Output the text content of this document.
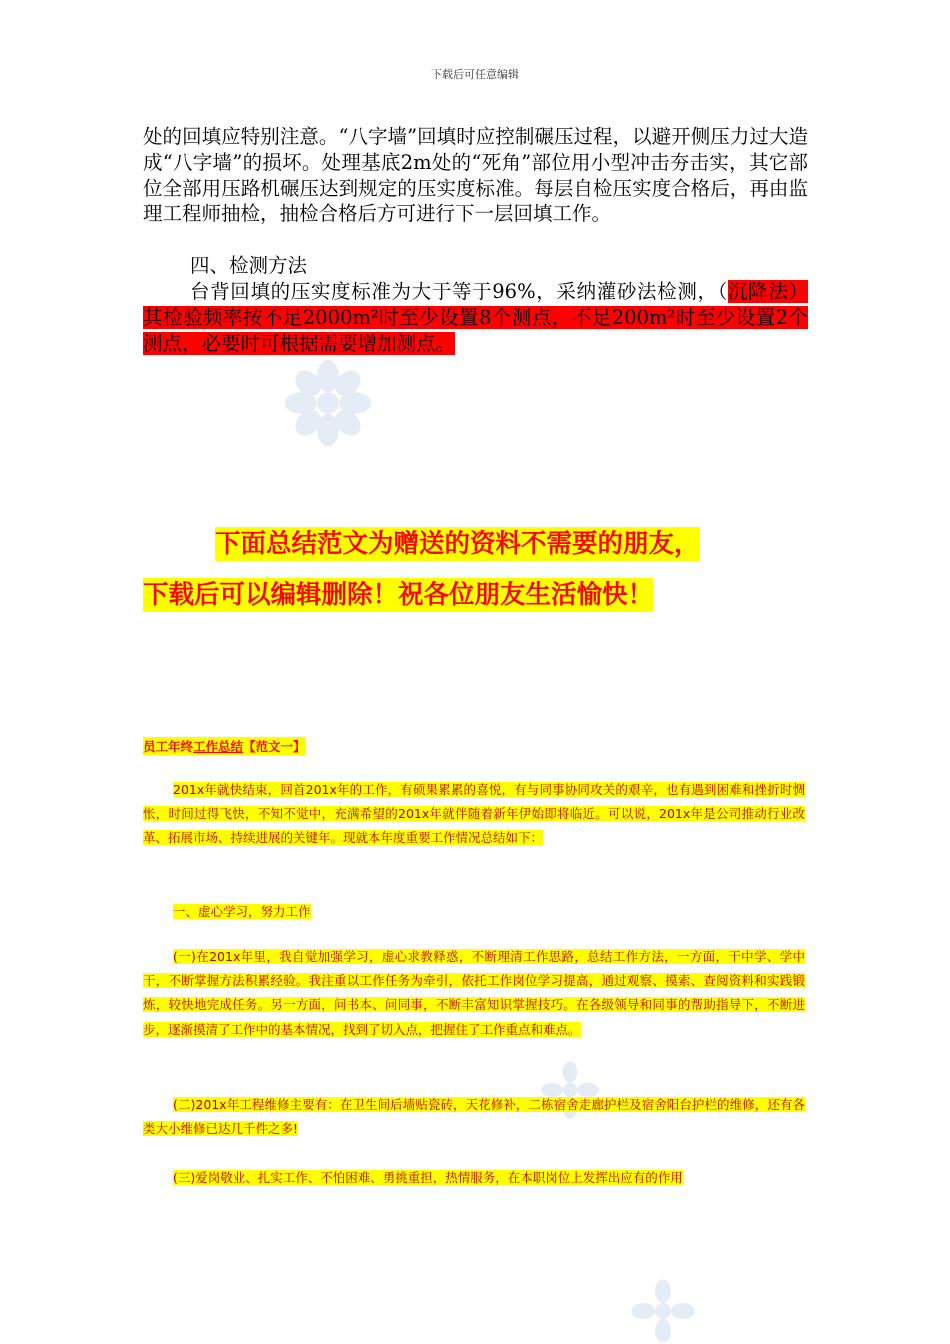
下载后可任意编辑
处的回填应特别注意。“八字墙”回填时应控制碾压过程，以避开侧压力过大造成“八字墙”的损坏。处理基底2m处的“死角”部位用小型冲击夯击实，其它部位全部用压路机碾压达到规定的压实度标准。每层自检压实度合格后，再由监理工程师抽检，抽检合格后方可进行下一层回填工作。
四、检测方法
台背回填的压实度标准为大于等于96%，采纳灌砂法检测，（沉降法）其检验频率按不足2000m²时至少设置8个测点，不足200m²时至少设置2个测点，必要时可根据需要增加测点。
下面总结范文为赠送的资料不需要的朋友，
下载后可以编辑删除！祝各位朋友生活愉快！
员工年终工作总结【范文一】
201x年就快结束，回首201x年的工作，有硕果累累的喜悦，有与同事协同攻关的艰辛，也有遇到困难和挫折时惆怅，时间过得飞快，不知不觉中，充满希望的201x年就伴随着新年伊始即将临近。可以说，201x年是公司推动行业改革、拓展市场、持续进展的关键年。现就本年度重要工作情况总结如下：
一、虚心学习，努力工作
(一)在201x年里，我自觉加强学习，虚心求教释惑，不断理清工作思路，总结工作方法，一方面，干中学、学中干，不断掌握方法积累经验。我注重以工作任务为牵引，依托工作岗位学习提高，通过观察、摸索、查阅资料和实践锻炼，较快地完成任务。另一方面，问书本、问同事，不断丰富知识掌握技巧。在各级领导和同事的帮助指导下，不断进步，逐渐摸清了工作中的基本情况，找到了切入点，把握住了工作重点和难点。
(二)201x年工程维修主要有：在卫生间后墙贴瓷砖，天花修补，二栋宿舍走廊护栏及宿舍阳台护栏的维修，还有各类大小维修已达几千件之多!
(三)爱岗敬业、扎实工作、不怕困难、勇挑重担，热情服务，在本职岗位上发挥出应有的作用
